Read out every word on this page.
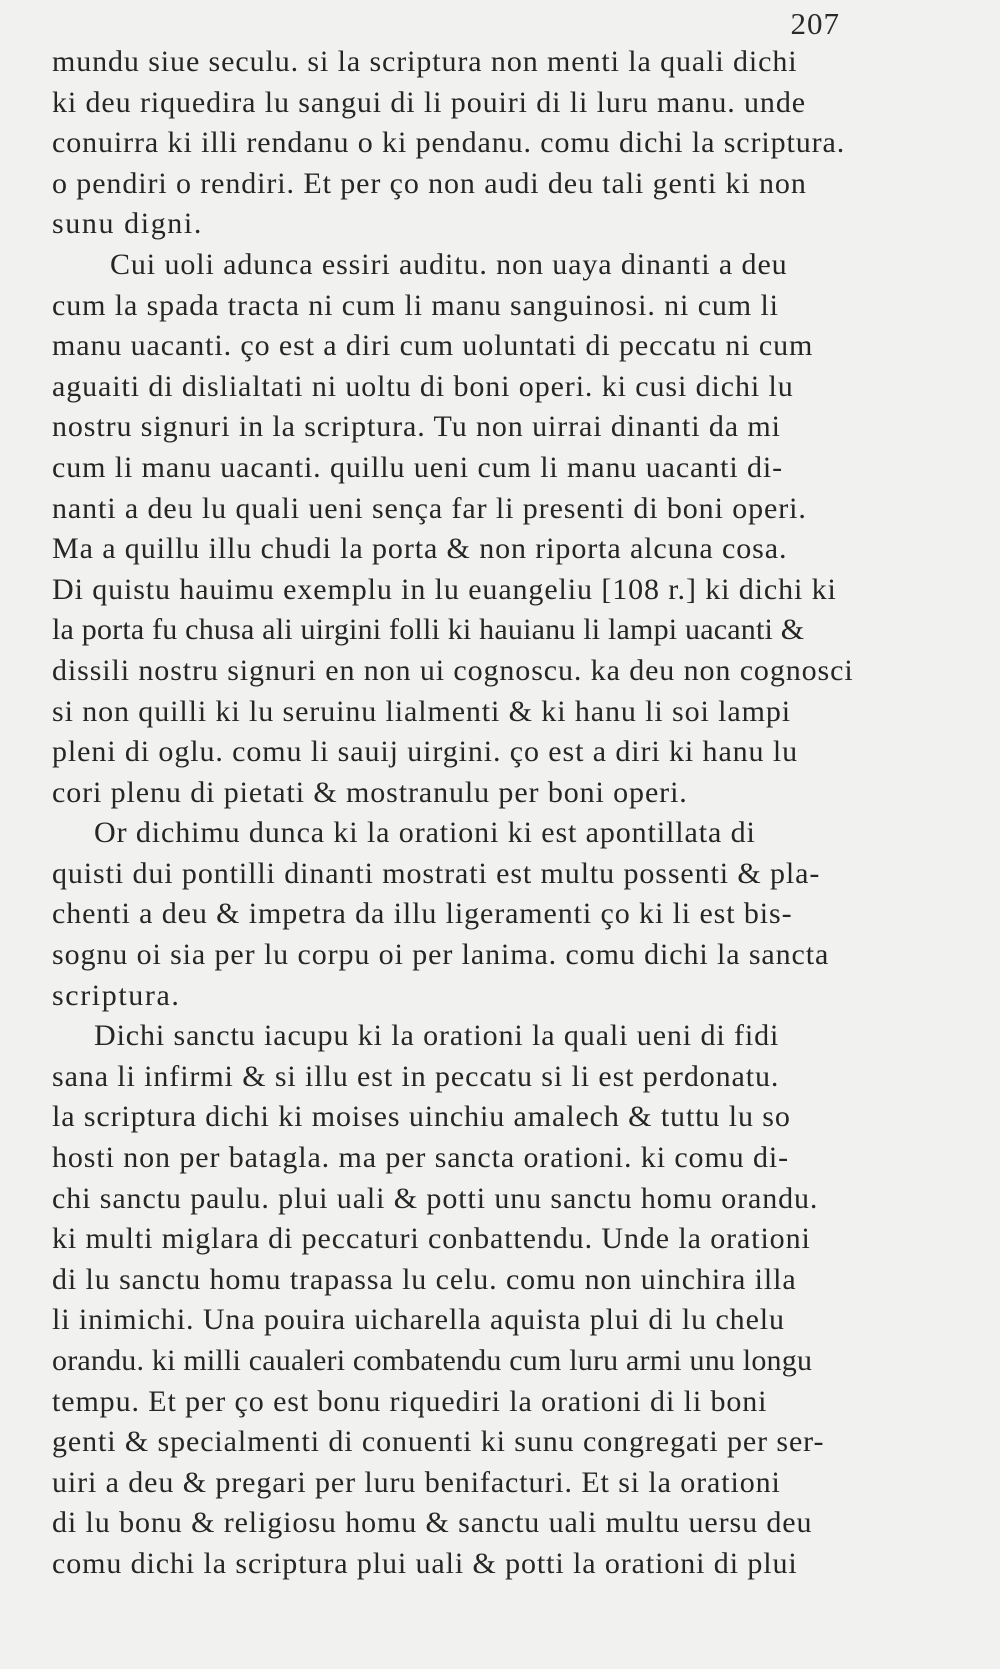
207
mundu siue seculu. si la scriptura non menti la quali dichi
ki deu riquedira lu sangui di li pouiri di li luru manu. unde
conuirra ki illi rendanu o ki pendanu. comu dichi la scriptura.
o pendiri o rendiri. Et per ço non audi deu tali genti ki non
sunu digni.
Cui uoli adunca essiri auditu. non uaya dinanti a deu
cum la spada tracta ni cum li manu sanguinosi. ni cum li
manu uacanti. ço est a diri cum uoluntati di peccatu ni cum
aguaiti di dislialtati ni uoltu di boni operi. ki cusi dichi lu
nostru signuri in la scriptura. Tu non uirrai dinanti da mi
cum li manu uacanti. quillu ueni cum li manu uacanti di-
nanti a deu lu quali ueni sença far li presenti di boni operi.
Ma a quillu illu chudi la porta & non riporta alcuna cosa.
Di quistu hauimu exemplu in lu euangeliu [108 r.] ki dichi ki
la porta fu chusa ali uirgini folli ki hauianu li lampi uacanti &
dissili nostru signuri en non ui cognoscu. ka deu non cognosci
si non quilli ki lu seruinu lialmenti & ki hanu li soi lampi
pleni di oglu. comu li sauij uirgini. ço est a diri ki hanu lu
cori plenu di pietati & mostranulu per boni operi.
Or dichimu dunca ki la orationi ki est apontillata di
quisti dui pontilli dinanti mostrati est multu possenti & pla-
chenti a deu & impetra da illu ligeramenti ço ki li est bis-
sognu oi sia per lu corpu oi per lanima. comu dichi la sancta
scriptura.
Dichi sanctu iacupu ki la orationi la quali ueni di fidi
sana li infirmi & si illu est in peccatu si li est perdonatu.
la scriptura dichi ki moises uinchiu amalech & tuttu lu so
hosti non per batagla. ma per sancta orationi. ki comu di-
chi sanctu paulu. plui uali & potti unu sanctu homu orandu.
ki multi miglara di peccaturi conbattendu. Unde la orationi
di lu sanctu homu trapassa lu celu. comu non uinchira illa
li inimichi. Una pouira uicharella aquista plui di lu chelu
orandu. ki milli caualeri combatendu cum luru armi unu longu
tempu. Et per ço est bonu riquediri la orationi di li boni
genti & specialmenti di conuenti ki sunu congregati per ser-
uiri a deu & pregari per luru benifacturi. Et si la orationi
di lu bonu & religiosu homu & sanctu uali multu uersu deu
comu dichi la scriptura plui uali & potti la orationi di plui
